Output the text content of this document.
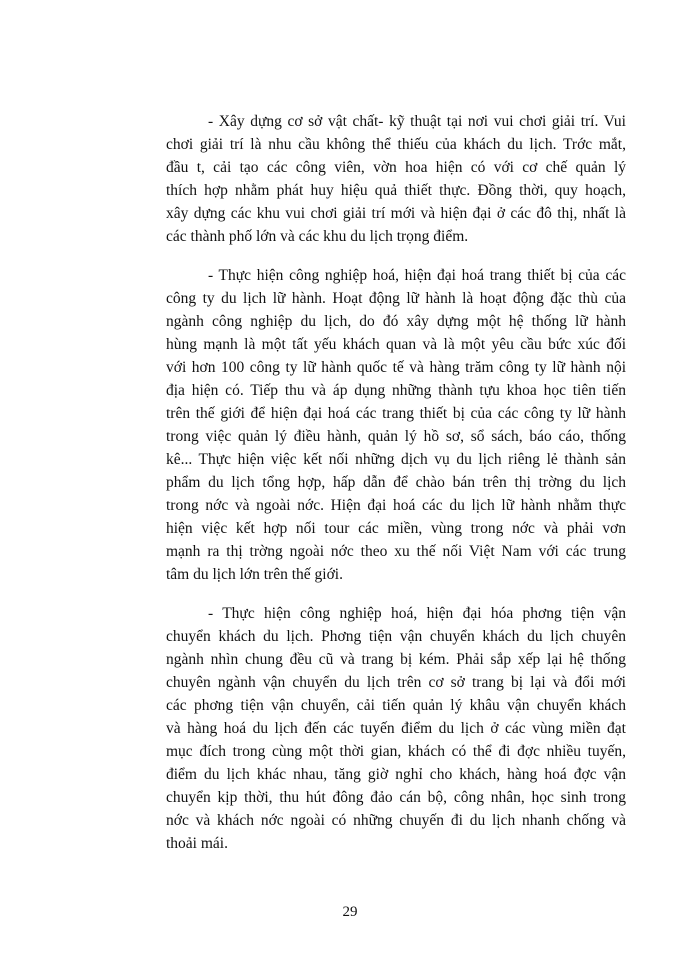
- Xây dựng cơ sở vật chất- kỹ thuật tại nơi vui chơi giải trí. Vui
chơi giải trí là nhu cầu không thể thiếu của khách du lịch. Trớc mắt,
đầu t, cải tạo các công viên, vờn hoa hiện có với cơ chế quản lý
thích hợp nhằm phát huy hiệu quả thiết thực. Đồng thời, quy hoạch,
xây dựng các khu vui chơi giải trí mới và hiện đại ở các đô thị, nhất là
các thành phố lớn và các khu du lịch trọng điểm.
- Thực hiện công nghiệp hoá, hiện đại hoá trang thiết bị của các
công ty du lịch lữ hành. Hoạt động lữ hành là hoạt động đặc thù của
ngành công nghiệp du lịch, do đó xây dựng một hệ thống lữ hành
hùng mạnh là một tất yếu khách quan và là một yêu cầu bức xúc đối
với hơn 100 công ty lữ hành quốc tế và hàng trăm công ty lữ hành nội
địa hiện có. Tiếp thu và áp dụng những thành tựu khoa học tiên tiến
trên thế giới để hiện đại hoá các trang thiết bị của các công ty lữ hành
trong việc quản lý điều hành, quản lý hồ sơ, sổ sách, báo cáo, thống
kê... Thực hiện việc kết nối những dịch vụ du lịch riêng lẻ thành sản
phẩm du lịch tổng hợp, hấp dẫn để chào bán trên thị trờng du lịch
trong nớc và ngoài nớc. Hiện đại hoá các du lịch lữ hành nhằm thực
hiện việc kết hợp nối tour các miền, vùng trong nớc và phải vơn
mạnh ra thị trờng ngoài nớc theo xu thế nối Việt Nam với các trung
tâm du lịch lớn trên thế giới.
- Thực hiện công nghiệp hoá, hiện đại hóa phơng tiện vận
chuyển khách du lịch. Phơng tiện vận chuyển khách du lịch chuyên
ngành nhìn chung đều cũ và trang bị kém. Phải sắp xếp lại hệ thống
chuyên ngành vận chuyển du lịch trên cơ sở trang bị lại và đổi mới
các phơng tiện vận chuyển, cải tiến quản lý khâu vận chuyển khách
và hàng hoá du lịch đến các tuyến điểm du lịch ở các vùng miền đạt
mục đích trong cùng một thời gian, khách có thể đi đợc nhiều tuyến,
điểm du lịch khác nhau, tăng giờ nghỉ cho khách, hàng hoá đợc vận
chuyển kịp thời, thu hút đông đảo cán bộ, công nhân, học sinh trong
nớc và khách nớc ngoài có những chuyến đi du lịch nhanh chống và
thoải mái.
29
